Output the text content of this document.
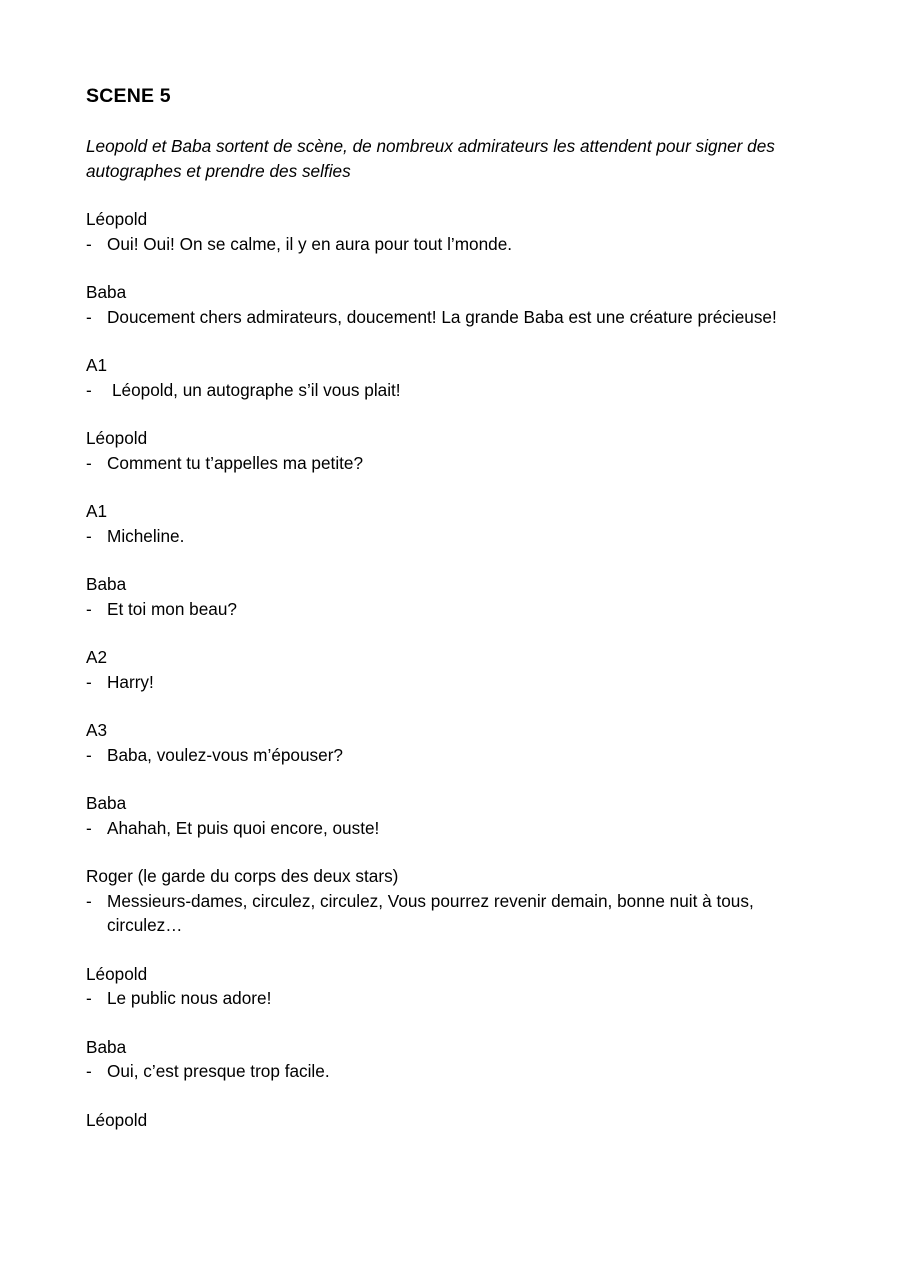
SCENE 5

Leopold et Baba sortent de scène, de nombreux admirateurs les attendent pour signer des autographes et prendre des selfies

Léopold

- Oui! Oui! On se calme, il y en aura pour tout l’monde.

Baba

- Doucement chers admirateurs, doucement! La grande Baba est une créature précieuse!

A1

-	Léopold, un autographe s’il vous plait!

Léopold

- Comment tu t’appelles ma petite?

A1

- Micheline.

Baba

- Et toi mon beau?

A2

- Harry!

A3

- Baba, voulez-vous m’épouser?

Baba

- Ahahah, Et puis quoi encore, ouste!

Roger (le garde du corps des deux stars)

- Messieurs-dames, circulez, circulez, Vous pourrez revenir demain, bonne nuit à tous, circulez…

Léopold

- Le public nous adore!

Baba

- Oui, c’est presque trop facile.

Léopold
